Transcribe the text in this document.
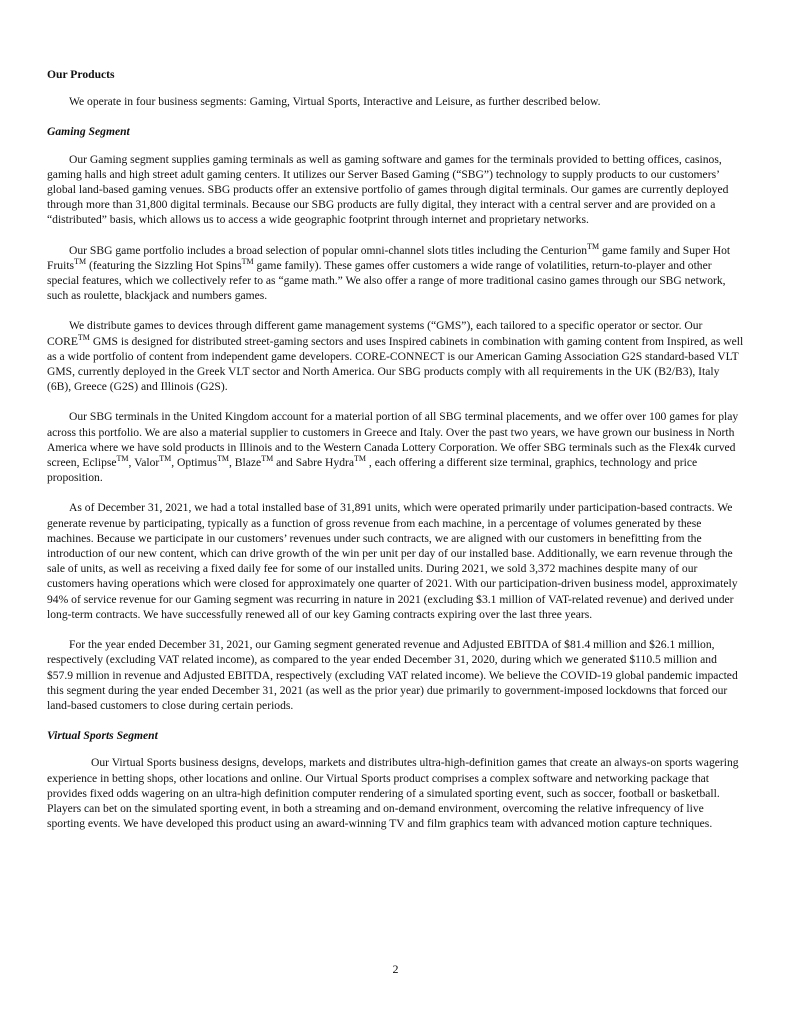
Our Products

We operate in four business segments: Gaming, Virtual Sports, Interactive and Leisure, as further described below.

Gaming Segment

Our Gaming segment supplies gaming terminals as well as gaming software and games for the terminals provided to betting offices, casinos, gaming halls and high street adult gaming centers. It utilizes our Server Based Gaming (“SBG”) technology to supply products to our customers’ global land-based gaming venues. SBG products offer an extensive portfolio of games through digital terminals. Our games are currently deployed through more than 31,800 digital terminals. Because our SBG products are fully digital, they interact with a central server and are provided on a “distributed” basis, which allows us to access a wide geographic footprint through internet and proprietary networks.

Our SBG game portfolio includes a broad selection of popular omni-channel slots titles including the Centurion™ game family and Super Hot Fruits™ (featuring the Sizzling Hot Spins™ game family). These games offer customers a wide range of volatilities, return-to-player and other special features, which we collectively refer to as “game math.” We also offer a range of more traditional casino games through our SBG network, such as roulette, blackjack and numbers games.

We distribute games to devices through different game management systems (“GMS”), each tailored to a specific operator or sector. Our CORE™ GMS is designed for distributed street-gaming sectors and uses Inspired cabinets in combination with gaming content from Inspired, as well as a wide portfolio of content from independent game developers. CORE-CONNECT is our American Gaming Association G2S standard-based VLT GMS, currently deployed in the Greek VLT sector and North America. Our SBG products comply with all requirements in the UK (B2/B3), Italy (6B), Greece (G2S) and Illinois (G2S).

Our SBG terminals in the United Kingdom account for a material portion of all SBG terminal placements, and we offer over 100 games for play across this portfolio. We are also a material supplier to customers in Greece and Italy. Over the past two years, we have grown our business in North America where we have sold products in Illinois and to the Western Canada Lottery Corporation. We offer SBG terminals such as the Flex4k curved screen, Eclipse™, Valor™, Optimus™, Blaze™ and Sabre Hydra™ , each offering a different size terminal, graphics, technology and price proposition.

As of December 31, 2021, we had a total installed base of 31,891 units, which were operated primarily under participation-based contracts. We generate revenue by participating, typically as a function of gross revenue from each machine, in a percentage of volumes generated by these machines. Because we participate in our customers’ revenues under such contracts, we are aligned with our customers in benefitting from the introduction of our new content, which can drive growth of the win per unit per day of our installed base. Additionally, we earn revenue through the sale of units, as well as receiving a fixed daily fee for some of our installed units. During 2021, we sold 3,372 machines despite many of our customers having operations which were closed for approximately one quarter of 2021. With our participation-driven business model, approximately 94% of service revenue for our Gaming segment was recurring in nature in 2021 (excluding $3.1 million of VAT-related revenue) and derived under long-term contracts. We have successfully renewed all of our key Gaming contracts expiring over the last three years.

For the year ended December 31, 2021, our Gaming segment generated revenue and Adjusted EBITDA of $81.4 million and $26.1 million, respectively (excluding VAT related income), as compared to the year ended December 31, 2020, during which we generated $110.5 million and $57.9 million in revenue and Adjusted EBITDA, respectively (excluding VAT related income). We believe the COVID-19 global pandemic impacted this segment during the year ended December 31, 2021 (as well as the prior year) due primarily to government-imposed lockdowns that forced our land-based customers to close during certain periods.

Virtual Sports Segment

Our Virtual Sports business designs, develops, markets and distributes ultra-high-definition games that create an always-on sports wagering experience in betting shops, other locations and online. Our Virtual Sports product comprises a complex software and networking package that provides fixed odds wagering on an ultra-high definition computer rendering of a simulated sporting event, such as soccer, football or basketball. Players can bet on the simulated sporting event, in both a streaming and on-demand environment, overcoming the relative infrequency of live sporting events. We have developed this product using an award-winning TV and film graphics team with advanced motion capture techniques.

2
